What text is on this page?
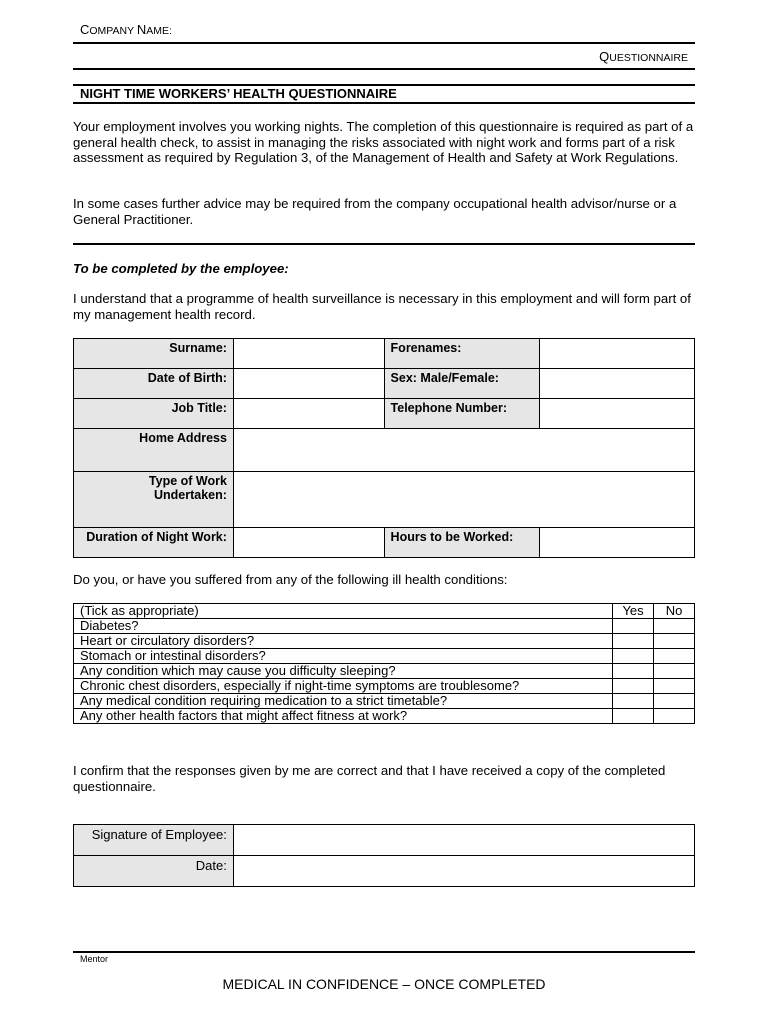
COMPANY NAME:
QUESTIONNAIRE
NIGHT TIME WORKERS’ HEALTH QUESTIONNAIRE

Your employment involves you working nights. The completion of this questionnaire is required as part of a general health check, to assist in managing the risks associated with night work and forms part of a risk assessment as required by Regulation 3, of the Management of Health and Safety at Work Regulations.

In some cases further advice may be required from the company occupational health advisor/nurse or a General Practitioner.

To be completed by the employee:

I understand that a programme of health surveillance is necessary in this employment and will form part of my management health record.

Surname:		Forenames:	
Date of Birth:		Sex: Male/Female:	
Job Title:		Telephone Number:	
Home Address			
Type of Work Undertaken:			
Duration of Night Work:		Hours to be Worked:	

Do you, or have you suffered from any of the following ill health conditions:

(Tick as appropriate)	Yes	No
Diabetes?		
Heart or circulatory disorders?		
Stomach or intestinal disorders?		
Any condition which may cause you difficulty sleeping?		
Chronic chest disorders, especially if night-time symptoms are troublesome?		
Any medical condition requiring medication to a strict timetable?		
Any other health factors that might affect fitness at work?		

I confirm that the responses given by me are correct and that I have received a copy of the completed questionnaire.

Signature of Employee:	
Date:	
Mentor
MEDICAL IN CONFIDENCE – ONCE COMPLETED
